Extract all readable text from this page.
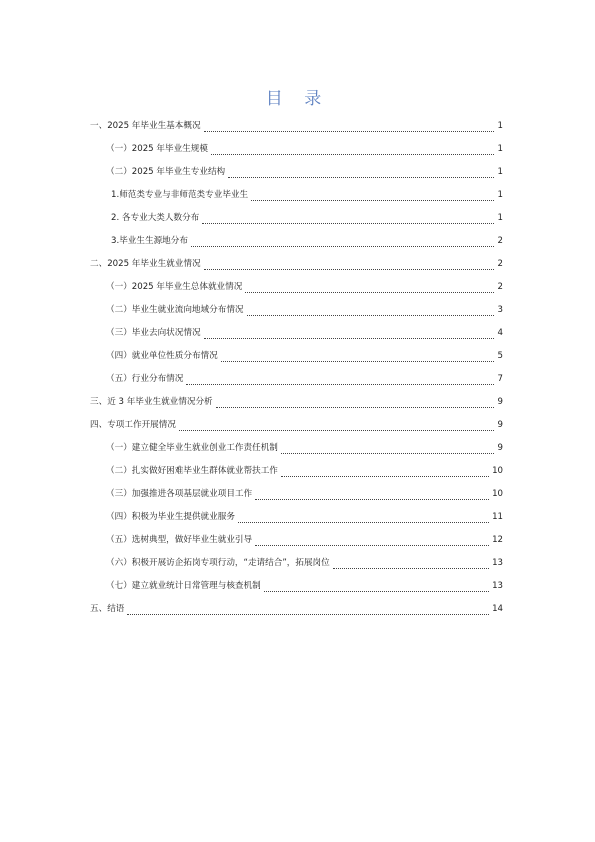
目 录
一、2025 年毕业生基本概况	1
（一）2025 年毕业生规模	1
（二）2025 年毕业生专业结构	1
1.师范类专业与非师范类专业毕业生	1
2. 各专业大类人数分布	1
3.毕业生生源地分布	2
二、2025 年毕业生就业情况	2
（一）2025 年毕业生总体就业情况	2
（二）毕业生就业流向地域分布情况	3
（三）毕业去向状况情况	4
（四）就业单位性质分布情况	5
（五）行业分布情况	7
三、近 3 年毕业生就业情况分析	9
四、专项工作开展情况	9
（一）建立健全毕业生就业创业工作责任机制	9
（二）扎实做好困难毕业生群体就业帮扶工作	10
（三）加强推进各项基层就业项目工作	10
（四）积极为毕业生提供就业服务	11
（五）选树典型，做好毕业生就业引导	12
（六）积极开展访企拓岗专项行动，“走请结合”，拓展岗位	13
（七）建立就业统计日常管理与核查机制	13
五、结语	14
